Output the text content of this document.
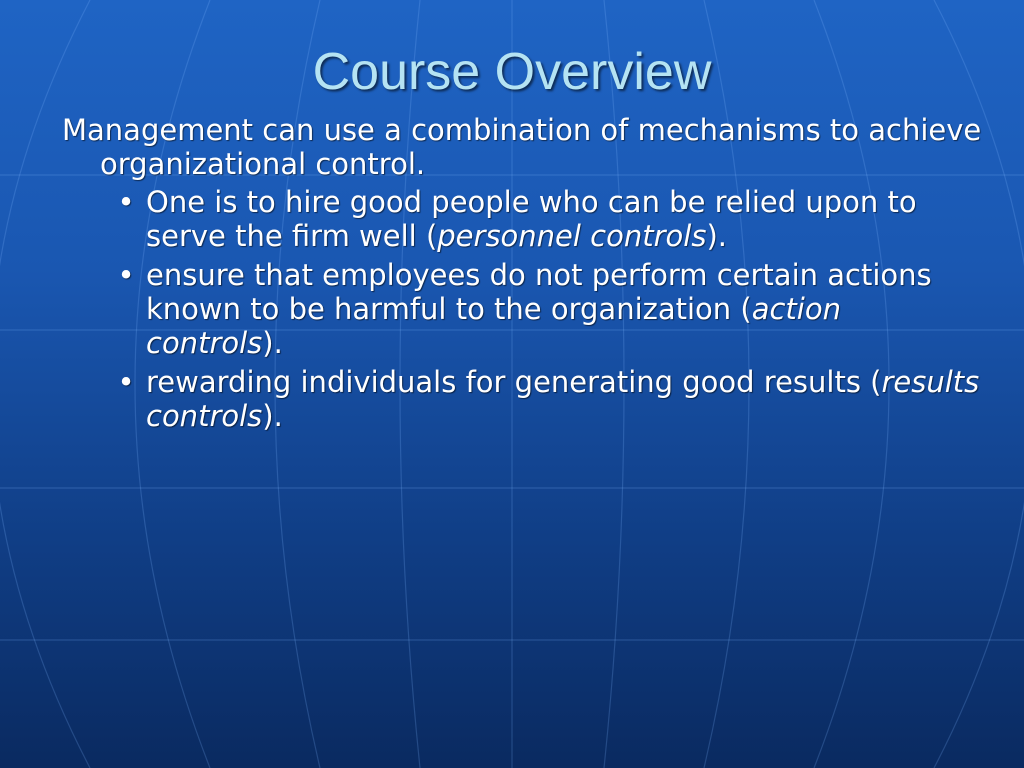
Course Overview

Management can use a combination of mechanisms to achieve organizational control.

• One is to hire good people who can be relied upon to serve the firm well (personnel controls).
• ensure that employees do not perform certain actions known to be harmful to the organization (action controls).
• rewarding individuals for generating good results (results controls).
